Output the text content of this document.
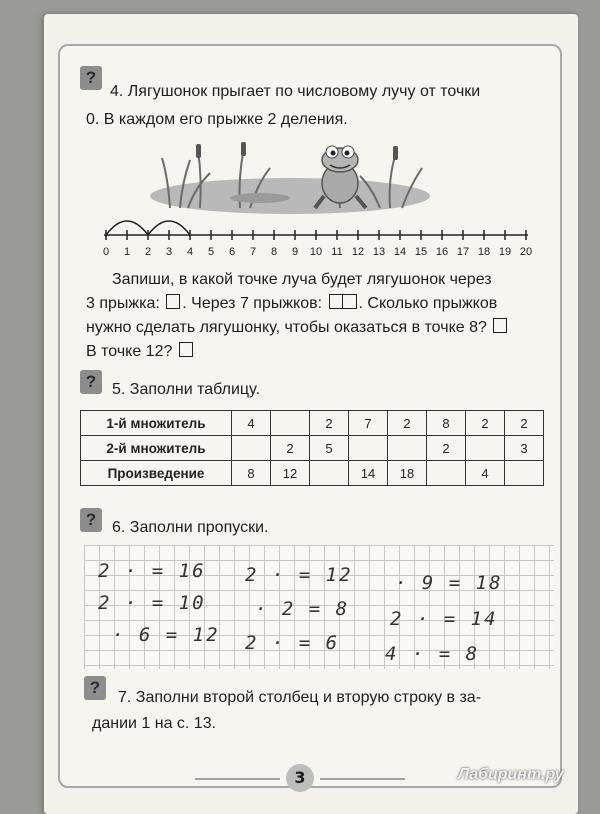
?
4. Лягушонок прыгает по числовому лучу от точки
0. В каждом его прыжке 2 деления.
0 1 2 3 4 5 6 7 8 9 10 11 12 13 14 15 16 17 18 19 20
Запиши, в какой точке луча будет лягушонок через
3 прыжка: . Через 7 прыжков: . Сколько прыжков
нужно сделать лягушонку, чтобы оказаться в точке 8?
В точке 12?
? 5. Заполни таблицу.
1-й множитель	4		2	7	2	8	2	2
2-й множитель		2	5			2		3
Произведение	8	12		14	18		4	
? 6. Заполни пропуски.
2 · = 16 2 · = 12 · 9 = 18
2 · = 10	· 2 = 8 2 · = 14
· 6 = 12 2 · = 6 4 · = 8
?
7. Заполни второй столбец и вторую строку в за-
дании 1 на с. 13.
3	Лабиринт.ру
